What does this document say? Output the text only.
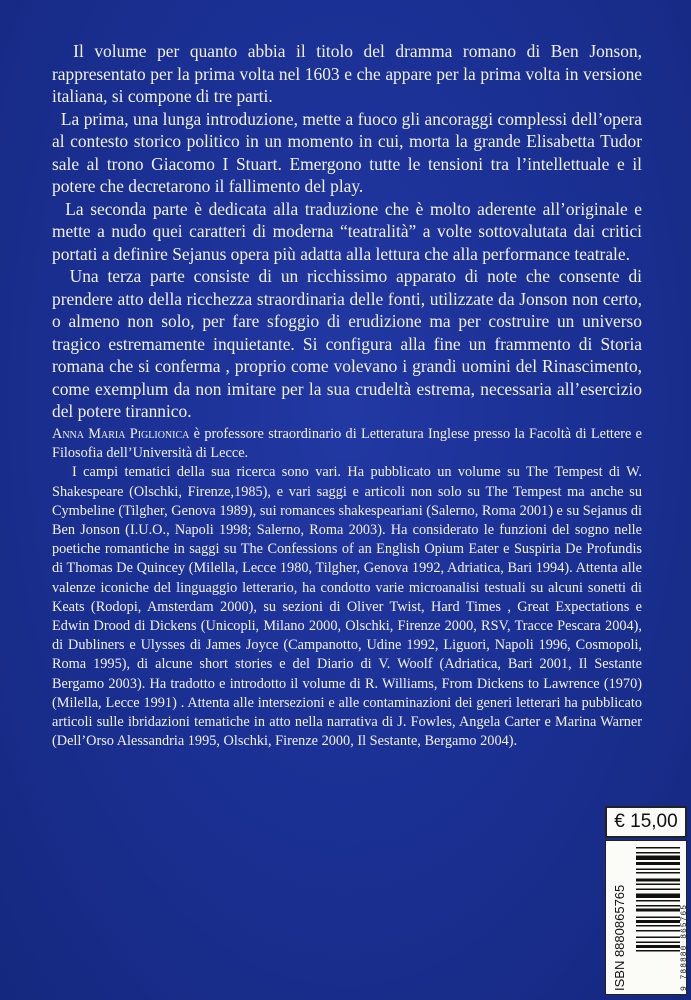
Il volume per quanto abbia il titolo del dramma romano di Ben Jonson, rappresentato per la prima volta nel 1603 e che appare per la prima volta in versione italiana, si compone di tre parti.

La prima, una lunga introduzione, mette a fuoco gli ancoraggi complessi dell’opera al contesto storico politico in un momento in cui, morta la grande Elisabetta Tudor sale al trono Giacomo I Stuart. Emergono tutte le tensioni tra l’intellettuale e il potere che decretarono il fallimento del play.

La seconda parte è dedicata alla traduzione che è molto aderente all’originale e mette a nudo quei caratteri di moderna “teatralità” a volte sottovalutata dai critici portati a definire Sejanus opera più adatta alla lettura che alla performance teatrale.

Una terza parte consiste di un ricchissimo apparato di note che consente di prendere atto della ricchezza straordinaria delle fonti, utilizzate da Jonson non certo, o almeno non solo, per fare sfoggio di erudizione ma per costruire un universo tragico estremamente inquietante. Si configura alla fine un frammento di Storia romana che si conferma , proprio come volevano i grandi uomini del Rinascimento, come exemplum da non imitare per la sua crudeltà estrema, necessaria all’esercizio del potere tirannico.

Anna Maria Piglionica è professore straordinario di Letteratura Inglese presso la Facoltà di Lettere e Filosofia dell’Università di Lecce.

I campi tematici della sua ricerca sono vari. Ha pubblicato un volume su The Tempest di W. Shakespeare (Olschki, Firenze,1985), e vari saggi e articoli non solo su The Tempest ma anche su Cymbeline (Tilgher, Genova 1989), sui romances shakespeariani (Salerno, Roma 2001) e su Sejanus di Ben Jonson (I.U.O., Napoli 1998; Salerno, Roma 2003). Ha considerato le funzioni del sogno nelle poetiche romantiche in saggi su The Confessions of an English Opium Eater e Suspiria De Profundis di Thomas De Quincey (Milella, Lecce 1980, Tilgher, Genova 1992, Adriatica, Bari 1994). Attenta alle valenze iconiche del linguaggio letterario, ha condotto varie microanalisi testuali su alcuni sonetti di Keats (Rodopi, Amsterdam 2000), su sezioni di Oliver Twist, Hard Times , Great Expectations e Edwin Drood di Dickens (Unicopli, Milano 2000, Olschki, Firenze 2000, RSV, Tracce Pescara 2004), di Dubliners e Ulysses di James Joyce (Campanotto, Udine 1992, Liguori, Napoli 1996, Cosmopoli, Roma 1995), di alcune short stories e del Diario di V. Woolf (Adriatica, Bari 2001, Il Sestante Bergamo 2003). Ha tradotto e introdotto il volume di R. Williams, From Dickens to Lawrence (1970) (Milella, Lecce 1991) . Attenta alle intersezioni e alle contaminazioni dei generi letterari ha pubblicato articoli sulle ibridazioni tematiche in atto nella narrativa di J. Fowles, Angela Carter e Marina Warner (Dell’Orso Alessandria 1995, Olschki, Firenze 2000, Il Sestante, Bergamo 2004).

€ 15,00
ISBN 8880865765	9 788880 865765
